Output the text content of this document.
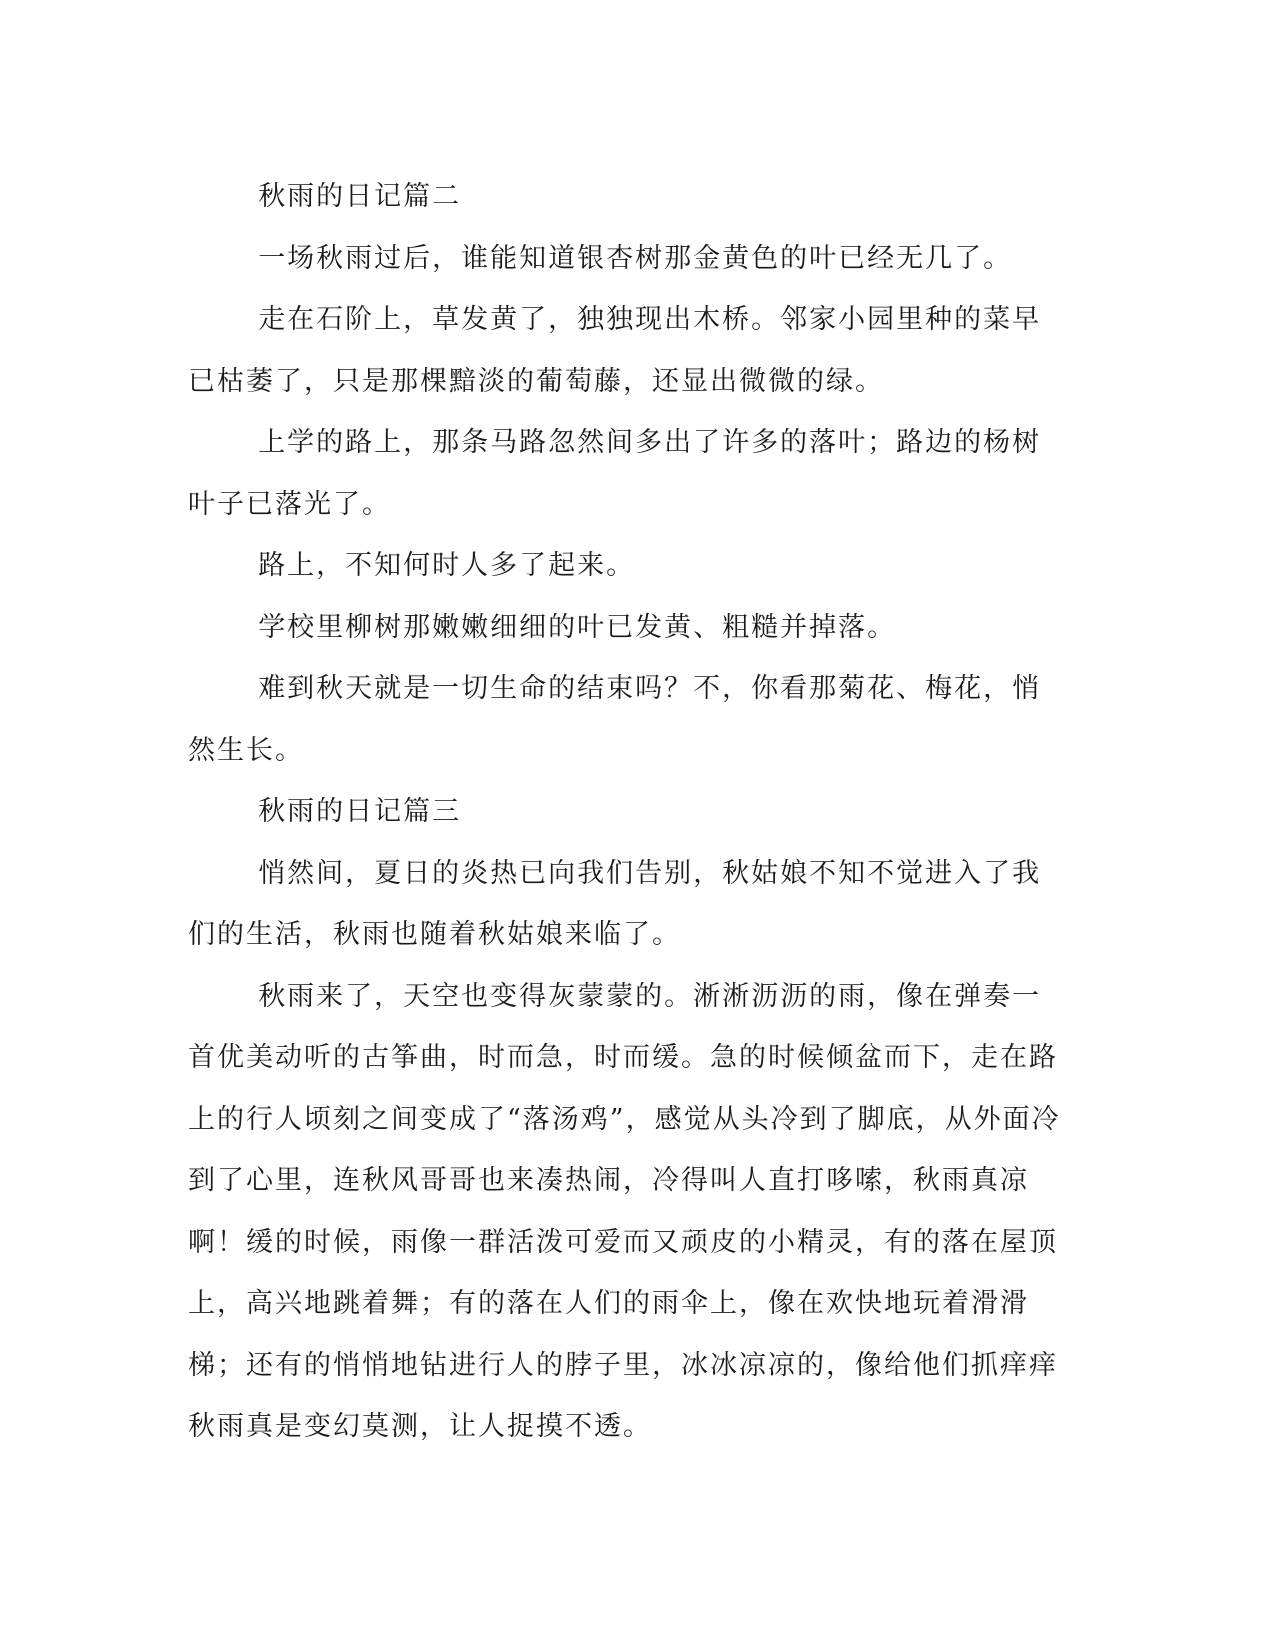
秋雨的日记篇二

一场秋雨过后，谁能知道银杏树那金黄色的叶已经无几了。

走在石阶上，草发黄了，独独现出木桥。邻家小园里种的菜早已枯萎了，只是那棵黯淡的葡萄藤，还显出微微的绿。

上学的路上，那条马路忽然间多出了许多的落叶；路边的杨树叶子已落光了。

路上，不知何时人多了起来。

学校里柳树那嫩嫩细细的叶已发黄、粗糙并掉落。

难到秋天就是一切生命的结束吗？不，你看那菊花、梅花，悄然生长。

秋雨的日记篇三

悄然间，夏日的炎热已向我们告别，秋姑娘不知不觉进入了我们的生活，秋雨也随着秋姑娘来临了。

秋雨来了，天空也变得灰蒙蒙的。淅淅沥沥的雨，像在弹奏一首优美动听的古筝曲，时而急，时而缓。急的时候倾盆而下，走在路上的行人顷刻之间变成了“落汤鸡”，感觉从头冷到了脚底，从外面冷到了心里，连秋风哥哥也来凑热闹，冷得叫人直打哆嗦，秋雨真凉啊！缓的时候，雨像一群活泼可爱而又顽皮的小精灵，有的落在屋顶上，高兴地跳着舞；有的落在人们的雨伞上，像在欢快地玩着滑滑梯；还有的悄悄地钻进行人的脖子里，冰冰凉凉的，像给他们抓痒痒秋雨真是变幻莫测，让人捉摸不透。
